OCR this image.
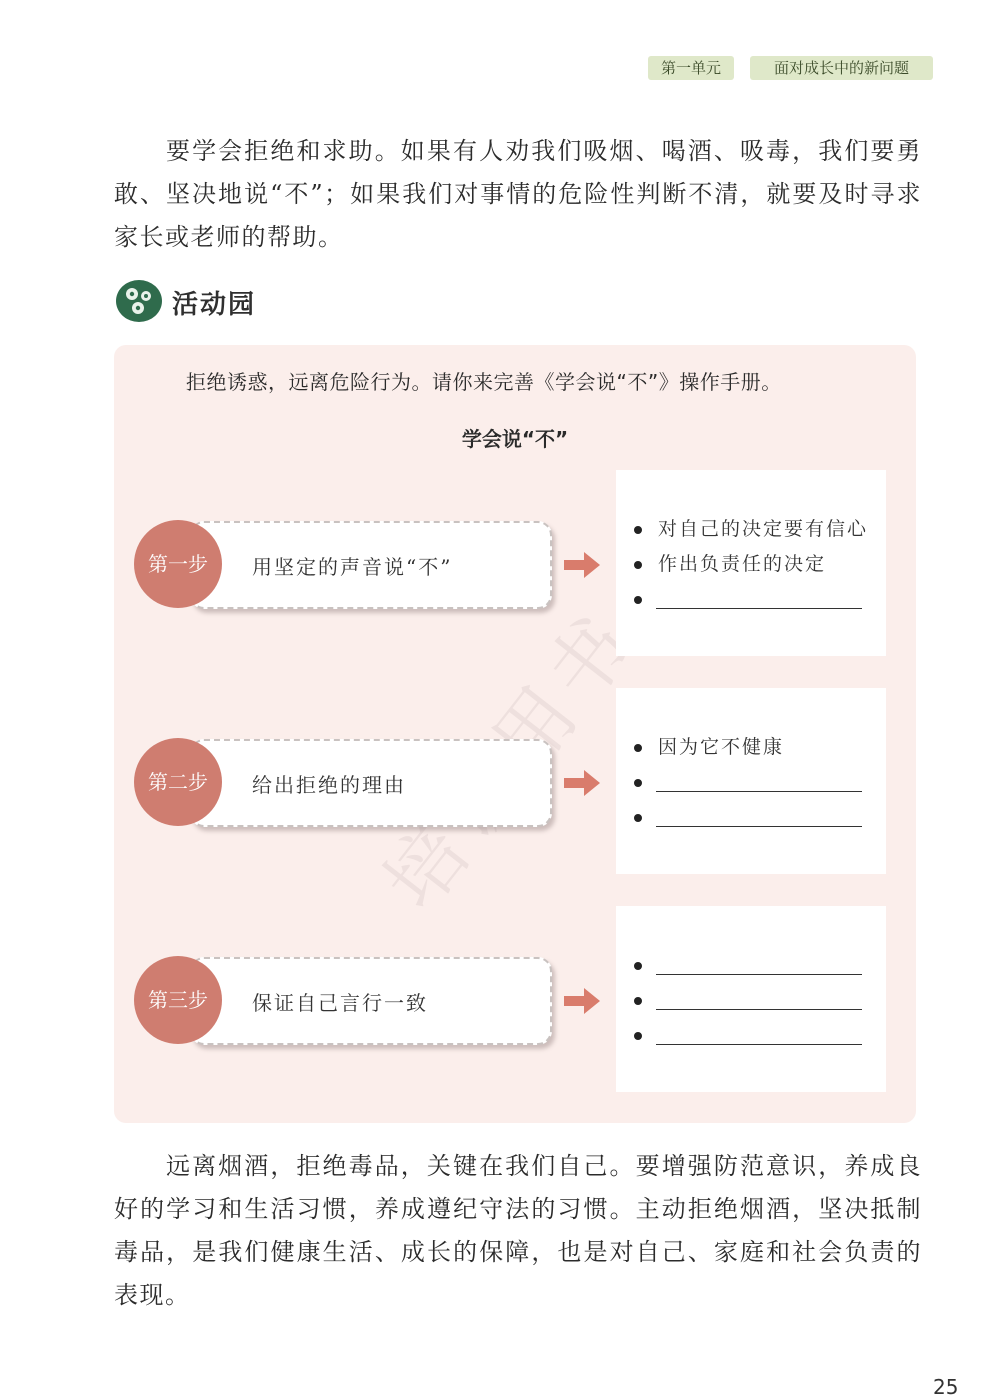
第一单元	面对成长中的新问题
要学会拒绝和求助。如果有人劝我们吸烟、喝酒、吸毒，我们要勇敢、坚决地说“不”；如果我们对事情的危险性判断不清，就要及时寻求家长或老师的帮助。
活动园
拒绝诱惑，远离危险行为。请你来完善《学会说“不”》操作手册。
学会说“不”
第一步	用坚定的声音说“不”
对自己的决定要有信心
作出负责任的决定
第二步	给出拒绝的理由
因为它不健康
第三步	保证自己言行一致
远离烟酒，拒绝毒品，关键在我们自己。要增强防范意识，养成良好的学习和生活习惯，养成遵纪守法的习惯。主动拒绝烟酒，坚决抵制毒品，是我们健康生活、成长的保障，也是对自己、家庭和社会负责的表现。
25
